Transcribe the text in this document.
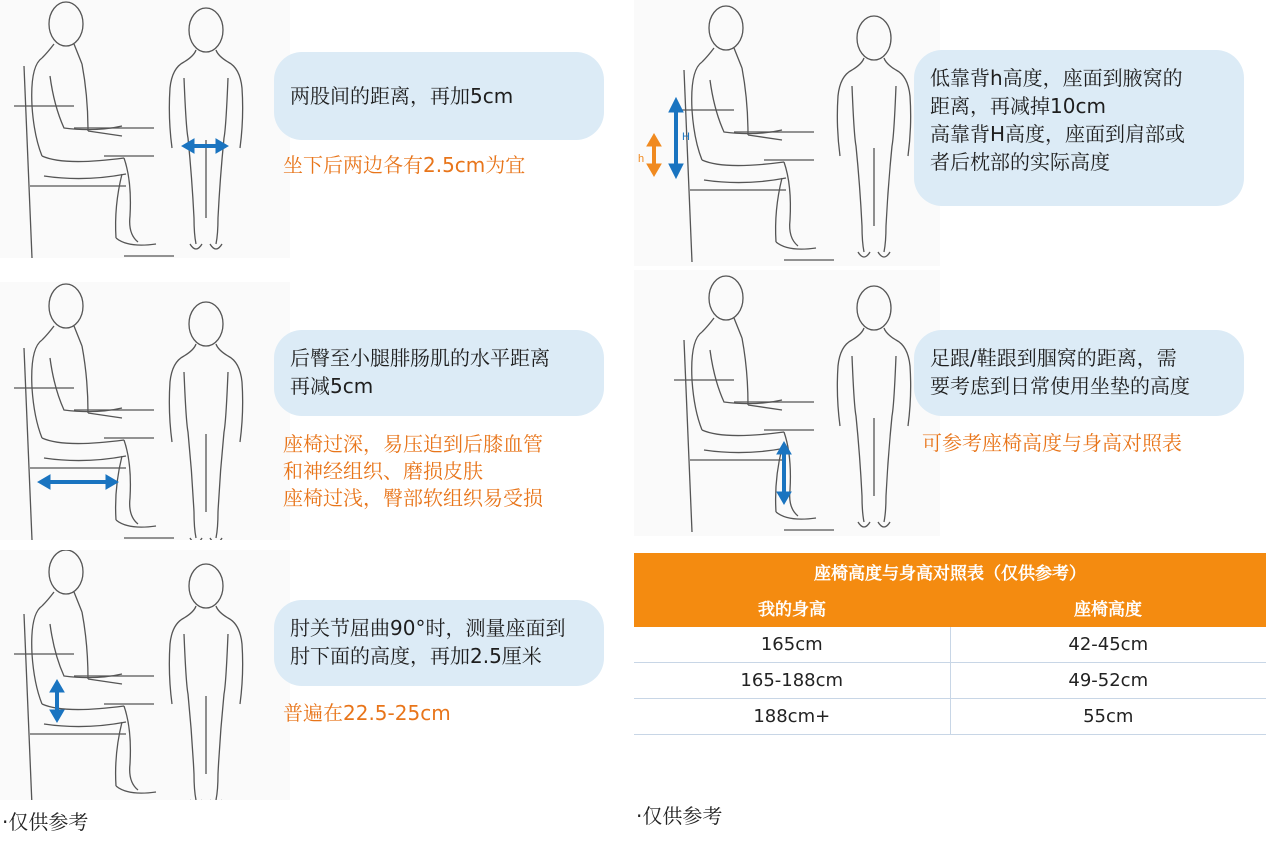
两股间的距离，再加5cm
坐下后两边各有2.5cm为宜
后臀至小腿腓肠肌的水平距离
再减5cm
座椅过深，易压迫到后膝血管
和神经组织、磨损皮肤
座椅过浅，臀部软组织易受损
肘关节屈曲90°时，测量座面到
肘下面的高度，再加2.5厘米
普遍在22.5-25cm
·仅供参考
H
h
低靠背h高度，座面到腋窝的
距离，再减掉10cm
高靠背H高度，座面到肩部或
者后枕部的实际高度
足跟/鞋跟到腘窝的距离，需
要考虑到日常使用坐垫的高度
可参考座椅高度与身高对照表
座椅高度与身高对照表（仅供参考）
我的身高	座椅高度
165cm	42-45cm
165-188cm	49-52cm
188cm+	55cm
·仅供参考
